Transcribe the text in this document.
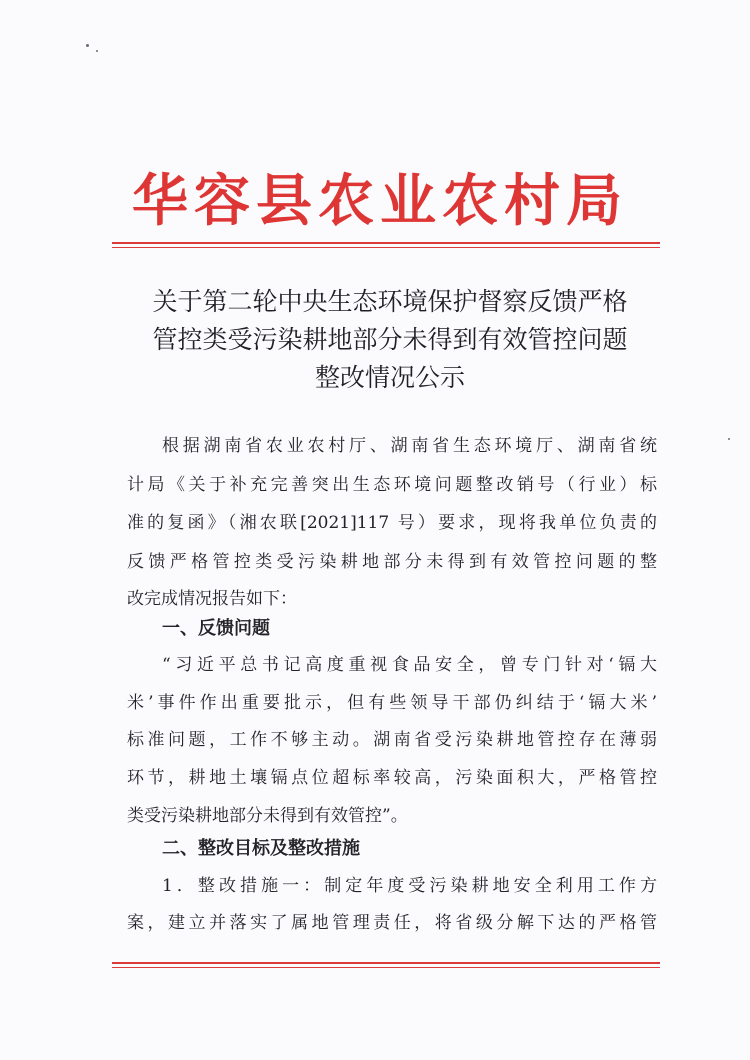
华容县农业农村局
关于第二轮中央生态环境保护督察反馈严格
管控类受污染耕地部分未得到有效管控问题
整改情况公示
根据湖南省农业农村厅、湖南省生态环境厅、湖南省统
计局《关于补充完善突出生态环境问题整改销号（行业）标
准的复函》（湘农联[2021]117 号）要求，现将我单位负责的
反馈严格管控类受污染耕地部分未得到有效管控问题的整
改完成情况报告如下：
一、反馈问题
“习近平总书记高度重视食品安全，曾专门针对‘镉大
米’事件作出重要批示，但有些领导干部仍纠结于‘镉大米’
标准问题，工作不够主动。湖南省受污染耕地管控存在薄弱
环节，耕地土壤镉点位超标率较高，污染面积大，严格管控
类受污染耕地部分未得到有效管控”。
二、整改目标及整改措施
1．整改措施一：制定年度受污染耕地安全利用工作方
案，建立并落实了属地管理责任，将省级分解下达的严格管
